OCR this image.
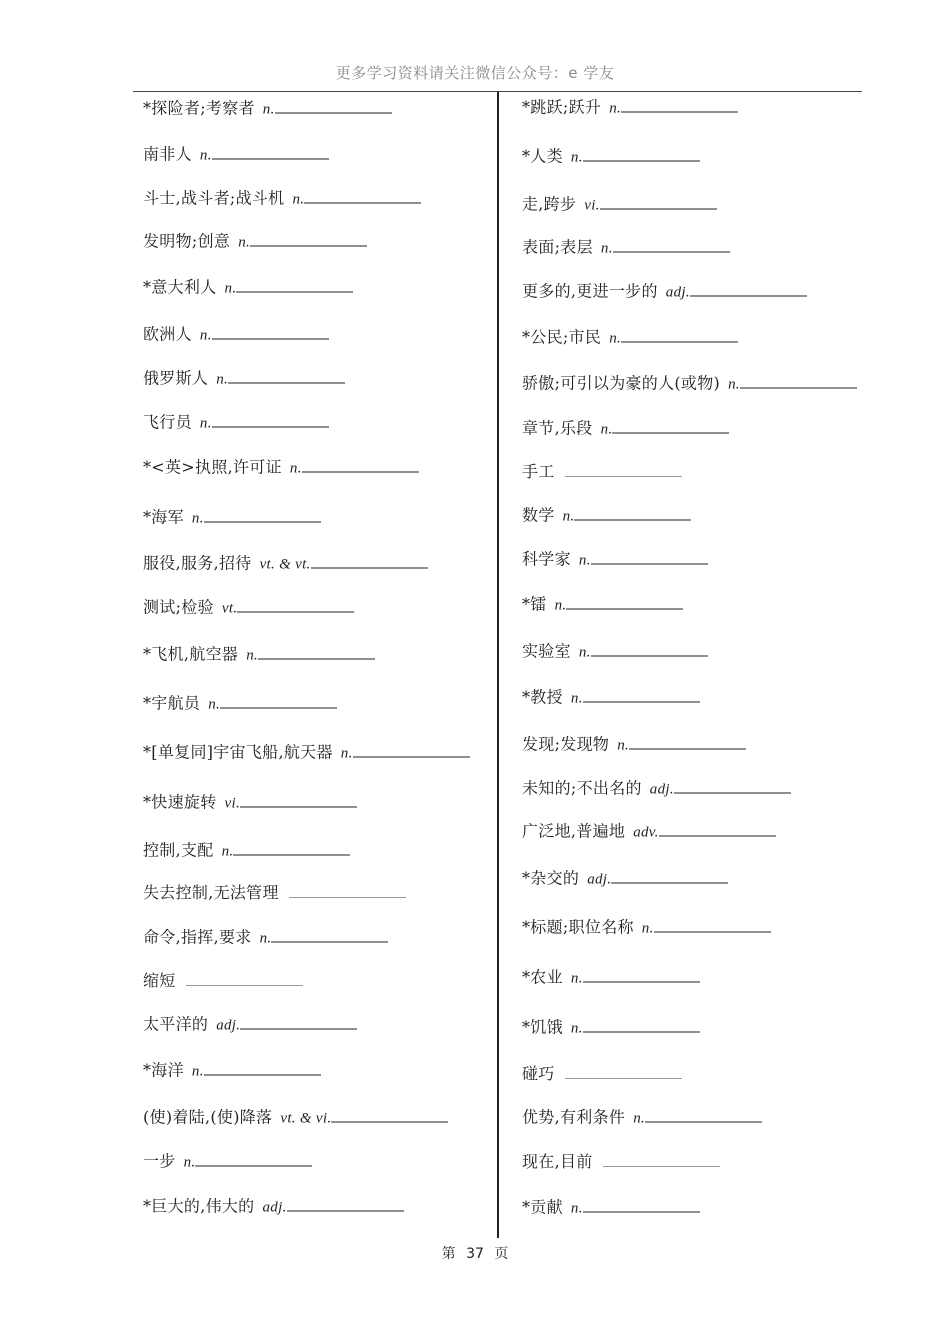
更多学习资料请关注微信公众号：e 学友
*探险者;考察者 n.
南非人 n.
斗士,战斗者;战斗机 n.
发明物;创意 n.
*意大利人 n.
欧洲人 n.
俄罗斯人 n.
飞行员 n.
*<英>执照,许可证 n.
*海军 n.
服役,服务,招待 vt. & vt.
测试;检验 vt.
*飞机,航空器 n.
*宇航员 n.
*[单复同]宇宙飞船,航天器 n.
*快速旋转 vi.
控制,支配 n.
失去控制,无法管理
命令,指挥,要求 n.
缩短
太平洋的 adj.
*海洋 n.
(使)着陆,(使)降落 vt. & vi.
一步 n.
*巨大的,伟大的 adj.
*跳跃;跃升 n.
*人类 n.
走,跨步 vi.
表面;表层 n.
更多的,更进一步的 adj.
*公民;市民 n.
骄傲;可引以为豪的人(或物) n.
章节,乐段 n.
手工
数学 n.
科学家 n.
*镭 n.
实验室 n.
*教授 n.
发现;发现物 n.
未知的;不出名的 adj.
广泛地,普遍地 adv.
*杂交的 adj.
*标题;职位名称 n.
*农业 n.
*饥饿 n.
碰巧
优势,有利条件 n.
现在,目前
*贡献 n.
第 37 页
